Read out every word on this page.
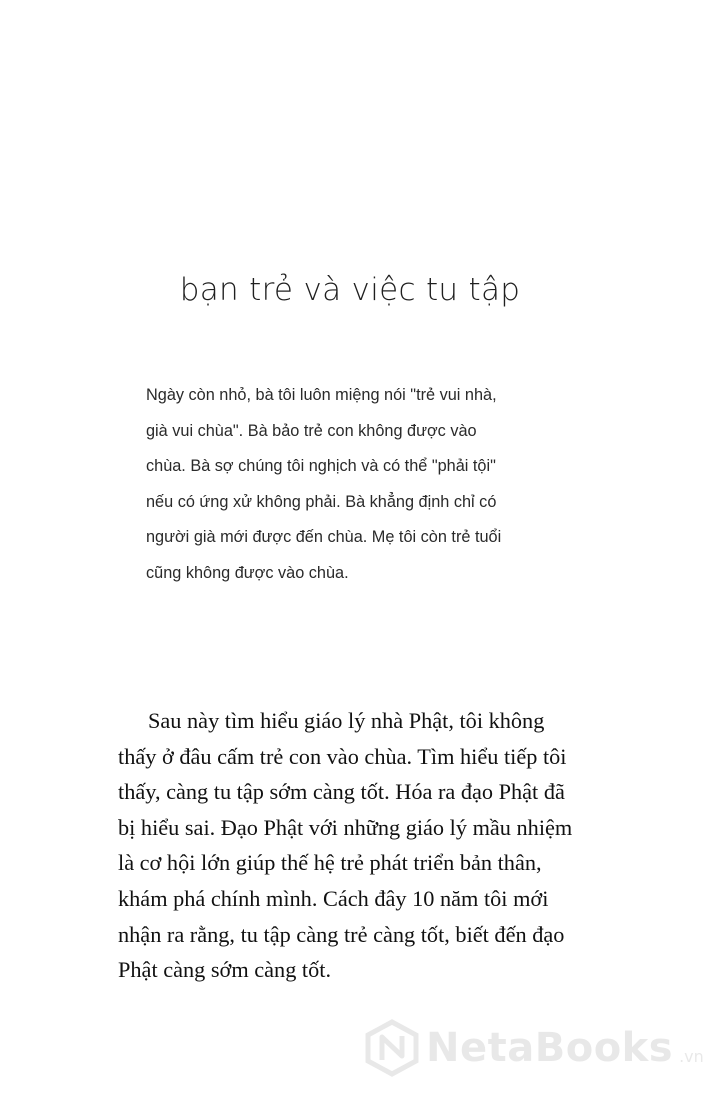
bạn trẻ và việc tu tập
Ngày còn nhỏ, bà tôi luôn miệng nói "trẻ vui nhà,
già vui chùa". Bà bảo trẻ con không được vào
chùa. Bà sợ chúng tôi nghịch và có thể "phải tội"
nếu có ứng xử không phải. Bà khẳng định chỉ có
người già mới được đến chùa. Mẹ tôi còn trẻ tuổi
cũng không được vào chùa.
Sau này tìm hiểu giáo lý nhà Phật, tôi không
thấy ở đâu cấm trẻ con vào chùa. Tìm hiểu tiếp tôi
thấy, càng tu tập sớm càng tốt. Hóa ra đạo Phật đã
bị hiểu sai. Đạo Phật với những giáo lý mầu nhiệm
là cơ hội lớn giúp thế hệ trẻ phát triển bản thân,
khám phá chính mình. Cách đây 10 năm tôi mới
nhận ra rằng, tu tập càng trẻ càng tốt, biết đến đạo
Phật càng sớm càng tốt.
NetaBooks .vn
